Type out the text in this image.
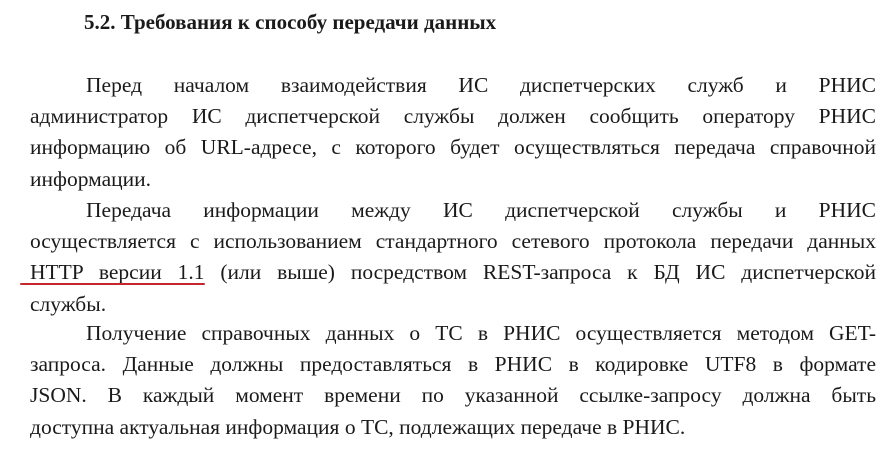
5.2. Требования к способу передачи данных
Перед началом взаимодействия ИС диспетчерских служб и РНИС
администратор ИС диспетчерской службы должен сообщить оператору РНИС
информацию об URL-адресе, с которого будет осуществляться передача справочной
информации.
Передача информации между ИС диспетчерской службы и РНИС
осуществляется с использованием стандартного сетевого протокола передачи данных
HTTP версии 1.1 (или выше) посредством REST-запроса к БД ИС диспетчерской
службы.
Получение справочных данных о ТС в РНИС осуществляется методом GET-
запроса. Данные должны предоставляться в РНИС в кодировке UTF8 в формате
JSON. В каждый момент времени по указанной ссылке-запросу должна быть
доступна актуальная информация о ТС, подлежащих передаче в РНИС.
